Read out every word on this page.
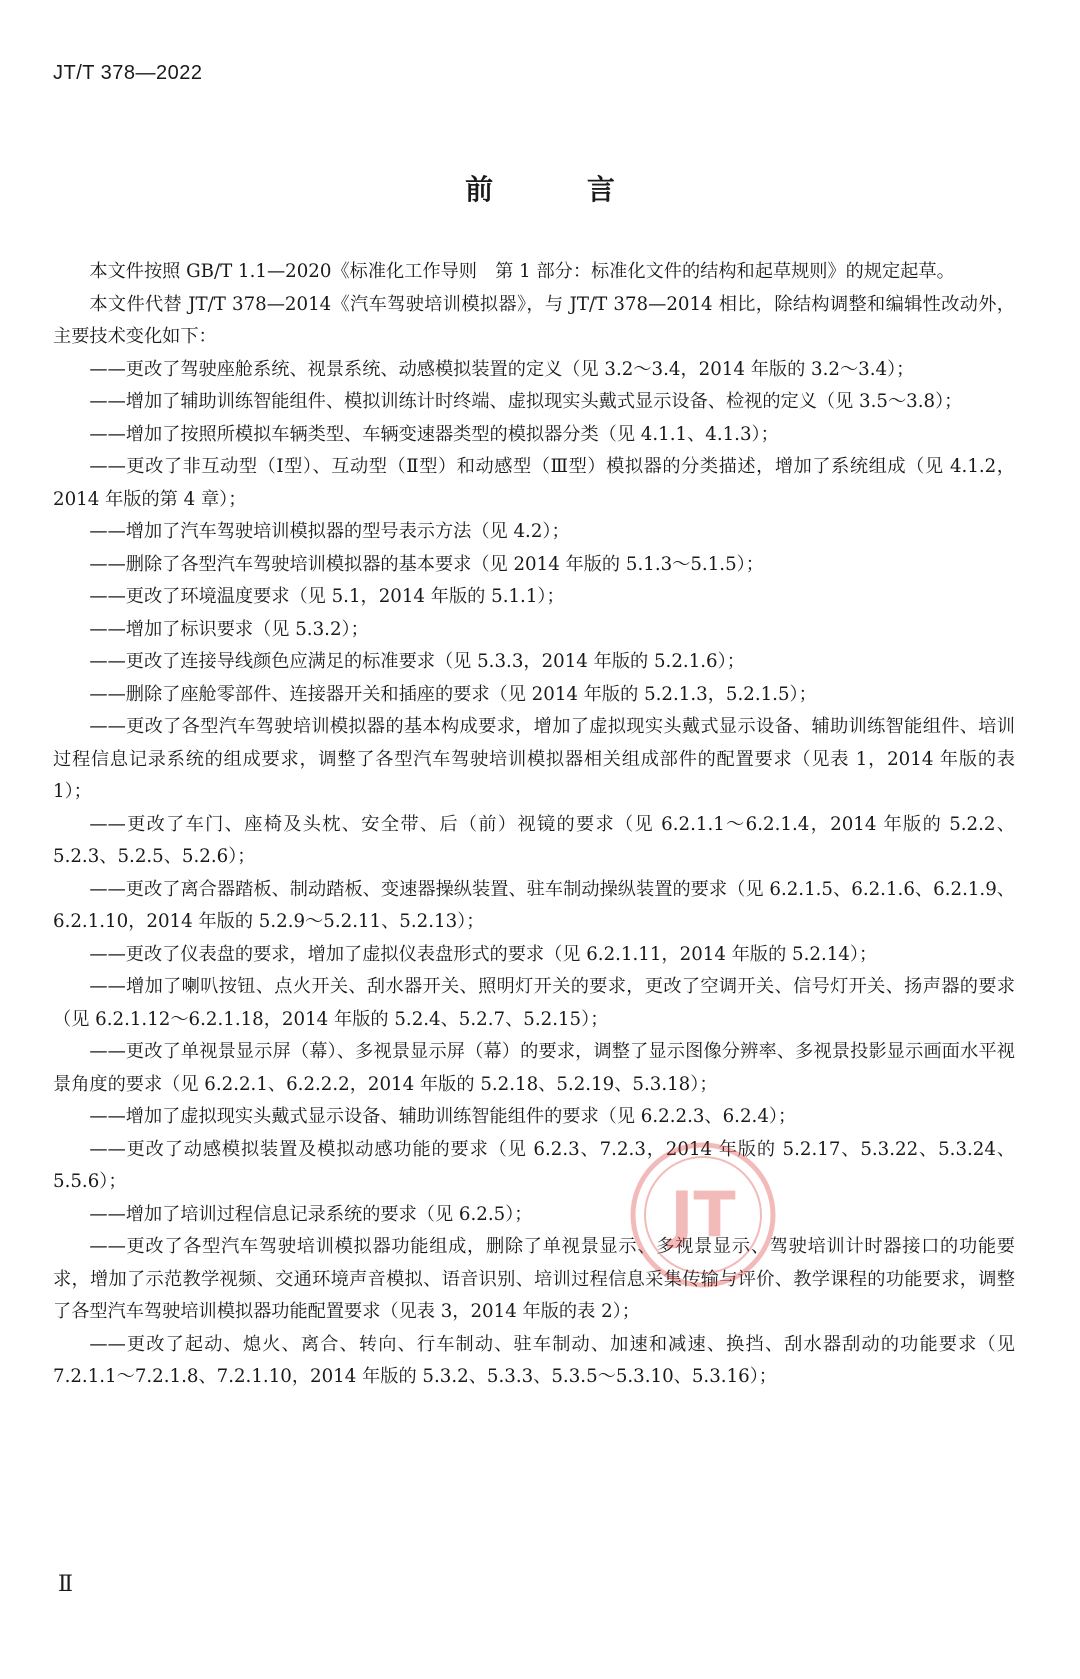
JT/T 378—2022
前 言

本文件按照 GB/T 1.1—2020《标准化工作导则　第 1 部分：标准化文件的结构和起草规则》的规定起草。

本文件代替 JT/T 378—2014《汽车驾驶培训模拟器》，与 JT/T 378—2014 相比，除结构调整和编辑性改动外，主要技术变化如下：

——更改了驾驶座舱系统、视景系统、动感模拟装置的定义（见 3.2～3.4，2014 年版的 3.2～3.4）；

——增加了辅助训练智能组件、模拟训练计时终端、虚拟现实头戴式显示设备、检视的定义（见 3.5～3.8）；

——增加了按照所模拟车辆类型、车辆变速器类型的模拟器分类（见 4.1.1、4.1.3）；

——更改了非互动型（Ⅰ型）、互动型（Ⅱ型）和动感型（Ⅲ型）模拟器的分类描述，增加了系统组成（见 4.1.2，2014 年版的第 4 章）；

——增加了汽车驾驶培训模拟器的型号表示方法（见 4.2）；

——删除了各型汽车驾驶培训模拟器的基本要求（见 2014 年版的 5.1.3～5.1.5）；

——更改了环境温度要求（见 5.1，2014 年版的 5.1.1）；

——增加了标识要求（见 5.3.2）；

——更改了连接导线颜色应满足的标准要求（见 5.3.3，2014 年版的 5.2.1.6）；

——删除了座舱零部件、连接器开关和插座的要求（见 2014 年版的 5.2.1.3，5.2.1.5）；

——更改了各型汽车驾驶培训模拟器的基本构成要求，增加了虚拟现实头戴式显示设备、辅助训练智能组件、培训过程信息记录系统的组成要求，调整了各型汽车驾驶培训模拟器相关组成部件的配置要求（见表 1，2014 年版的表 1）；

——更改了车门、座椅及头枕、安全带、后（前）视镜的要求（见 6.2.1.1～6.2.1.4，2014 年版的 5.2.2、5.2.3、5.2.5、5.2.6）；

——更改了离合器踏板、制动踏板、变速器操纵装置、驻车制动操纵装置的要求（见 6.2.1.5、6.2.1.6、6.2.1.9、6.2.1.10，2014 年版的 5.2.9～5.2.11、5.2.13）；

——更改了仪表盘的要求，增加了虚拟仪表盘形式的要求（见 6.2.1.11，2014 年版的 5.2.14）；

——增加了喇叭按钮、点火开关、刮水器开关、照明灯开关的要求，更改了空调开关、信号灯开关、扬声器的要求（见 6.2.1.12～6.2.1.18，2014 年版的 5.2.4、5.2.7、5.2.15）；

——更改了单视景显示屏（幕）、多视景显示屏（幕）的要求，调整了显示图像分辨率、多视景投影显示画面水平视景角度的要求（见 6.2.2.1、6.2.2.2，2014 年版的 5.2.18、5.2.19、5.3.18）；

——增加了虚拟现实头戴式显示设备、辅助训练智能组件的要求（见 6.2.2.3、6.2.4）；

——更改了动感模拟装置及模拟动感功能的要求（见 6.2.3、7.2.3，2014 年版的 5.2.17、5.3.22、5.3.24、5.5.6）；

——增加了培训过程信息记录系统的要求（见 6.2.5）；

——更改了各型汽车驾驶培训模拟器功能组成，删除了单视景显示、多视景显示、驾驶培训计时器接口的功能要求，增加了示范教学视频、交通环境声音模拟、语音识别、培训过程信息采集传输与评价、教学课程的功能要求，调整了各型汽车驾驶培训模拟器功能配置要求（见表 3，2014 年版的表 2）；

——更改了起动、熄火、离合、转向、行车制动、驻车制动、加速和减速、换挡、刮水器刮动的功能要求（见 7.2.1.1～7.2.1.8、7.2.1.10，2014 年版的 5.3.2、5.3.3、5.3.5～5.3.10、5.3.16）；

JT
Ⅱ
